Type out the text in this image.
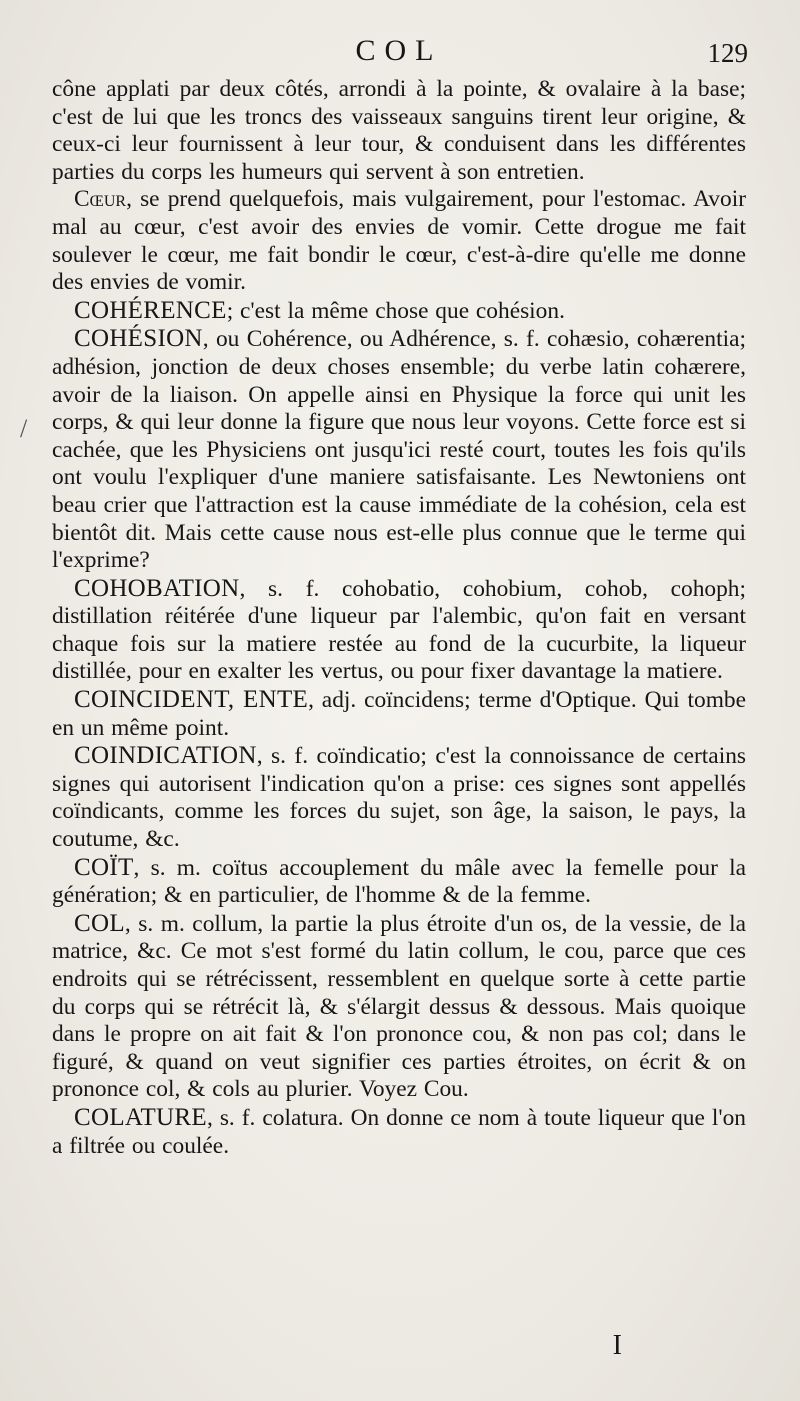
COL	129

cône applati par deux côtés, arrondi à la pointe, & ovalaire à la base; c'est de lui que les troncs des vaisseaux sanguins tirent leur origine, & ceux-ci leur fournissent à leur tour, & conduisent dans les différentes parties du corps les humeurs qui servent à son entretien.

Cœur, se prend quelquefois, mais vulgairement, pour l'estomac. Avoir mal au cœur, c'est avoir des envies de vomir. Cette drogue me fait soulever le cœur, me fait bondir le cœur, c'est-à-dire qu'elle me donne des envies de vomir.

COHÉRENCE; c'est la même chose que cohésion.

COHÉSION, ou Cohérence, ou Adhérence, s. f. cohæsio, cohærentia; adhésion, jonction de deux choses ensemble; du verbe latin cohærere, avoir de la liaison. On appelle ainsi en Physique la force qui unit les corps, & qui leur donne la figure que nous leur voyons. Cette force est si cachée, que les Physiciens ont jusqu'ici resté court, toutes les fois qu'ils ont voulu l'expliquer d'une maniere satisfaisante. Les Newtoniens ont beau crier que l'attraction est la cause immédiate de la cohésion, cela est bientôt dit. Mais cette cause nous est-elle plus connue que le terme qui l'exprime?

COHOBATION, s. f. cohobatio, cohobium, cohob, cohoph; distillation réitérée d'une liqueur par l'alembic, qu'on fait en versant chaque fois sur la matiere restée au fond de la cucurbite, la liqueur distillée, pour en exalter les vertus, ou pour fixer davantage la matiere.

COINCIDENT, ENTE, adj. coïncidens; terme d'Optique. Qui tombe en un même point.

COINDICATION, s. f. coïndicatio; c'est la connoissance de certains signes qui autorisent l'indication qu'on a prise: ces signes sont appellés coïndicants, comme les forces du sujet, son âge, la saison, le pays, la coutume, &c.

COÏT, s. m. coïtus accouplement du mâle avec la femelle pour la génération; & en particulier, de l'homme & de la femme.

COL, s. m. collum, la partie la plus étroite d'un os, de la vessie, de la matrice, &c. Ce mot s'est formé du latin collum, le cou, parce que ces endroits qui se rétrécissent, ressemblent en quelque sorte à cette partie du corps qui se rétrécit là, & s'élargit dessus & dessous. Mais quoique dans le propre on ait fait & l'on prononce cou, & non pas col; dans le figuré, & quand on veut signifier ces parties étroites, on écrit & on prononce col, & cols au plurier. Voyez Cou.

COLATURE, s. f. colatura. On donne ce nom à toute liqueur que l'on a filtrée ou coulée.

/
I
